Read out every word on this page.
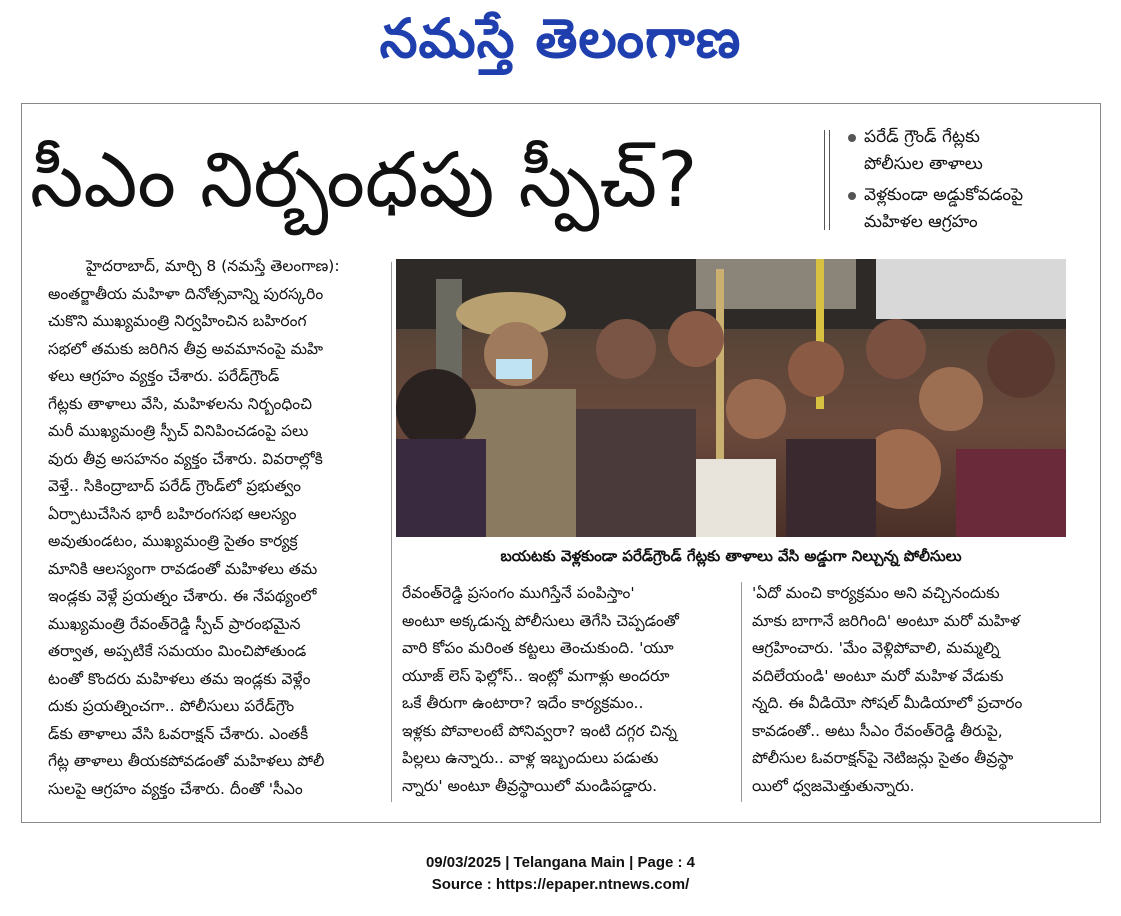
నమస్తే తెలంగాణ
సీఎం నిర్బంధపు స్పీచ్?	పరేడ్ గ్రౌండ్ గేట్లకు
పోలీసుల తాళాలు
వెళ్లకుండా అడ్డుకోవడంపై
మహిళల ఆగ్రహం
హైదరాబాద్, మార్చి 8 (నమస్తే తెలంగాణ):
అంతర్జాతీయ మహిళా దినోత్సవాన్ని పురస్కరిం
చుకొని ముఖ్యమంత్రి నిర్వహించిన బహిరంగ
సభలో తమకు జరిగిన తీవ్ర అవమానంపై మహి
ళలు ఆగ్రహం వ్యక్తం చేశారు. పరేడ్‌గ్రౌండ్
గేట్లకు తాళాలు వేసి, మహిళలను నిర్బంధించి
మరీ ముఖ్యమంత్రి స్పీచ్ వినిపించడంపై పలు
వురు తీవ్ర అసహనం వ్యక్తం చేశారు. వివరాల్లోకి
వెళ్తే.. సికింద్రాబాద్ పరేడ్ గ్రౌండ్‌లో ప్రభుత్వం
ఏర్పాటుచేసిన భారీ బహిరంగసభ ఆలస్యం
అవుతుండటం, ముఖ్యమంత్రి సైతం కార్యక్ర
మానికి ఆలస్యంగా రావడంతో మహిళలు తమ
ఇండ్లకు వెళ్లే ప్రయత్నం చేశారు. ఈ నేపథ్యంలో
ముఖ్యమంత్రి రేవంత్‌రెడ్డి స్పీచ్ ప్రారంభమైన
తర్వాత, అప్పటికే సమయం మించిపోతుండ
టంతో కొందరు మహిళలు తమ ఇండ్లకు వెళ్లేం
దుకు ప్రయత్నించగా.. పోలీసులు పరేడ్‌గ్రౌం
డ్‌కు తాళాలు వేసి ఓవరాక్షన్ చేశారు. ఎంతకీ
గేట్ల తాళాలు తీయకపోవడంతో మహిళలు పోలీ
సులపై ఆగ్రహం వ్యక్తం చేశారు. దీంతో 'సీఎం
బయటకు వెళ్లకుండా పరేడ్‌గ్రౌండ్ గేట్లకు తాళాలు వేసి అడ్డుగా నిల్చున్న పోలీసులు
రేవంత్‌రెడ్డి ప్రసంగం ముగిస్తేనే పంపిస్తాం'
అంటూ అక్కడున్న పోలీసులు తెగేసి చెప్పడంతో
వారి కోపం మరింత కట్టలు తెంచుకుంది. 'యూ
యూజ్ లెస్ ఫెల్లోస్.. ఇంట్లో మగాళ్లు అందరూ
ఒకే తీరుగా ఉంటారా? ఇదేం కార్యక్రమం..
ఇళ్లకు పోవాలంటే పోనివ్వరా? ఇంటి దగ్గర చిన్న
పిల్లలు ఉన్నారు.. వాళ్ల ఇబ్బందులు పడుతు
న్నారు' అంటూ తీవ్రస్థాయిలో మండిపడ్డారు.
'ఏదో మంచి కార్యక్రమం అని వచ్చినందుకు
మాకు బాగానే జరిగింది' అంటూ మరో మహిళ
ఆగ్రహించారు. 'మేం వెళ్లిపోవాలి, మమ్మల్ని
వదిలేయండి' అంటూ మరో మహిళ వేడుకు
న్నది. ఈ వీడియో సోషల్ మీడియాలో ప్రచారం
కావడంతో.. అటు సీఎం రేవంత్‌రెడ్డి తీరుపై,
పోలీసుల ఓవరాక్షన్‌పై నెటిజన్లు సైతం తీవ్రస్థా
యిలో ధ్వజమెత్తుతున్నారు.
09/03/2025 | Telangana Main | Page : 4
Source : https://epaper.ntnews.com/
